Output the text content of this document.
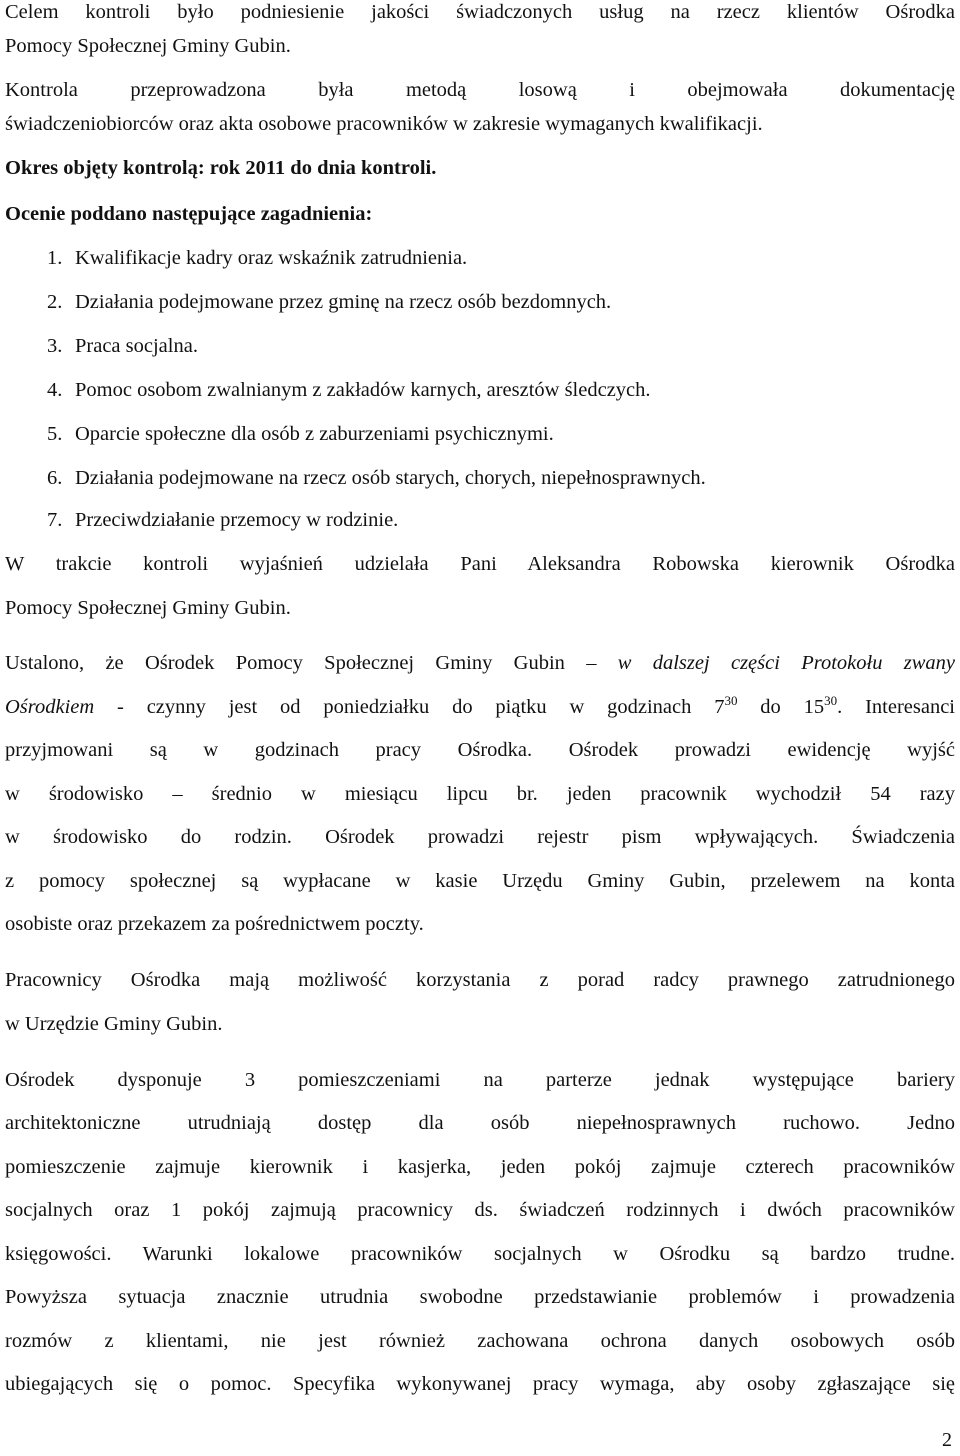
Celem kontroli było podniesienie jakości świadczonych usług na rzecz klientów Ośrodka
Pomocy Społecznej Gminy Gubin.
Kontrola przeprowadzona była metodą losową i obejmowała dokumentację
świadczeniobiorców oraz akta osobowe pracowników w zakresie wymaganych kwalifikacji.
Okres objęty kontrolą: rok 2011 do dnia kontroli.
Ocenie poddano następujące zagadnienia:
1. Kwalifikacje kadry oraz wskaźnik zatrudnienia.
2. Działania podejmowane przez gminę na rzecz osób bezdomnych.
3. Praca socjalna.
4. Pomoc osobom zwalnianym z zakładów karnych, aresztów śledczych.
5. Oparcie społeczne dla osób z zaburzeniami psychicznymi.
6. Działania podejmowane na rzecz osób starych, chorych, niepełnosprawnych.
7. Przeciwdziałanie przemocy w rodzinie.
W trakcie kontroli wyjaśnień udzielała Pani Aleksandra Robowska kierownik Ośrodka
Pomocy Społecznej Gminy Gubin.
Ustalono, że Ośrodek Pomocy Społecznej Gminy Gubin – w dalszej części Protokołu zwany
Ośrodkiem - czynny jest od poniedziałku do piątku w godzinach $7^{30}$ do $15^{30}$. Interesanci
przyjmowani są w godzinach pracy Ośrodka. Ośrodek prowadzi ewidencję wyjść
w środowisko – średnio w miesiącu lipcu br. jeden pracownik wychodził 54 razy
w środowisko do rodzin. Ośrodek prowadzi rejestr pism wpływających. Świadczenia
z pomocy społecznej są wypłacane w kasie Urzędu Gminy Gubin, przelewem na konta
osobiste oraz przekazem za pośrednictwem poczty.
Pracownicy Ośrodka mają możliwość korzystania z porad radcy prawnego zatrudnionego
w Urzędzie Gminy Gubin.
Ośrodek dysponuje 3 pomieszczeniami na parterze jednak występujące bariery
architektoniczne utrudniają dostęp dla osób niepełnosprawnych ruchowo. Jedno
pomieszczenie zajmuje kierownik i kasjerka, jeden pokój zajmuje czterech pracowników
socjalnych oraz 1 pokój zajmują pracownicy ds. świadczeń rodzinnych i dwóch pracowników
księgowości. Warunki lokalowe pracowników socjalnych w Ośrodku są bardzo trudne.
Powyższa sytuacja znacznie utrudnia swobodne przedstawianie problemów i prowadzenia
rozmów z klientami, nie jest również zachowana ochrona danych osobowych osób
ubiegających się o pomoc. Specyfika wykonywanej pracy wymaga, aby osoby zgłaszające się
2
